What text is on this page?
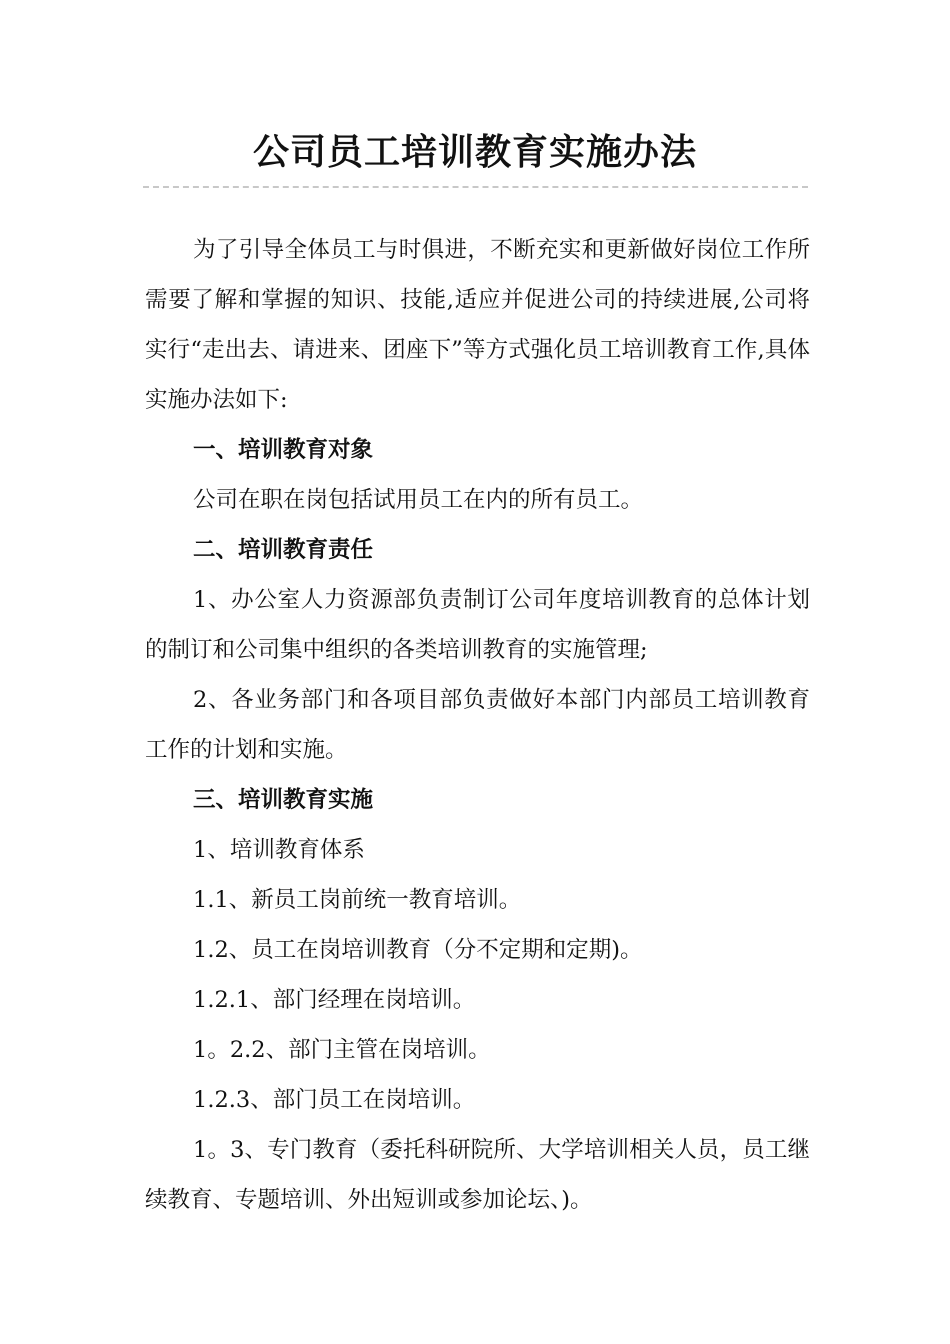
公司员工培训教育实施办法

为了引导全体员工与时俱进，不断充实和更新做好岗位工作所需要了解和掌握的知识、技能,适应并促进公司的持续进展,公司将实行“走出去、请进来、团座下”等方式强化员工培训教育工作,具体实施办法如下:

一、培训教育对象

公司在职在岗包括试用员工在内的所有员工。

二、培训教育责任

1、办公室人力资源部负责制订公司年度培训教育的总体计划的制订和公司集中组织的各类培训教育的实施管理;

2、各业务部门和各项目部负责做好本部门内部员工培训教育工作的计划和实施。

三、培训教育实施

1、培训教育体系

1.1、新员工岗前统一教育培训。

1.2、员工在岗培训教育（分不定期和定期)。

1.2.1、部门经理在岗培训。

1。2.2、部门主管在岗培训。

1.2.3、部门员工在岗培训。

1。3、专门教育（委托科研院所、大学培训相关人员，员工继续教育、专题培训、外出短训或参加论坛、)。
